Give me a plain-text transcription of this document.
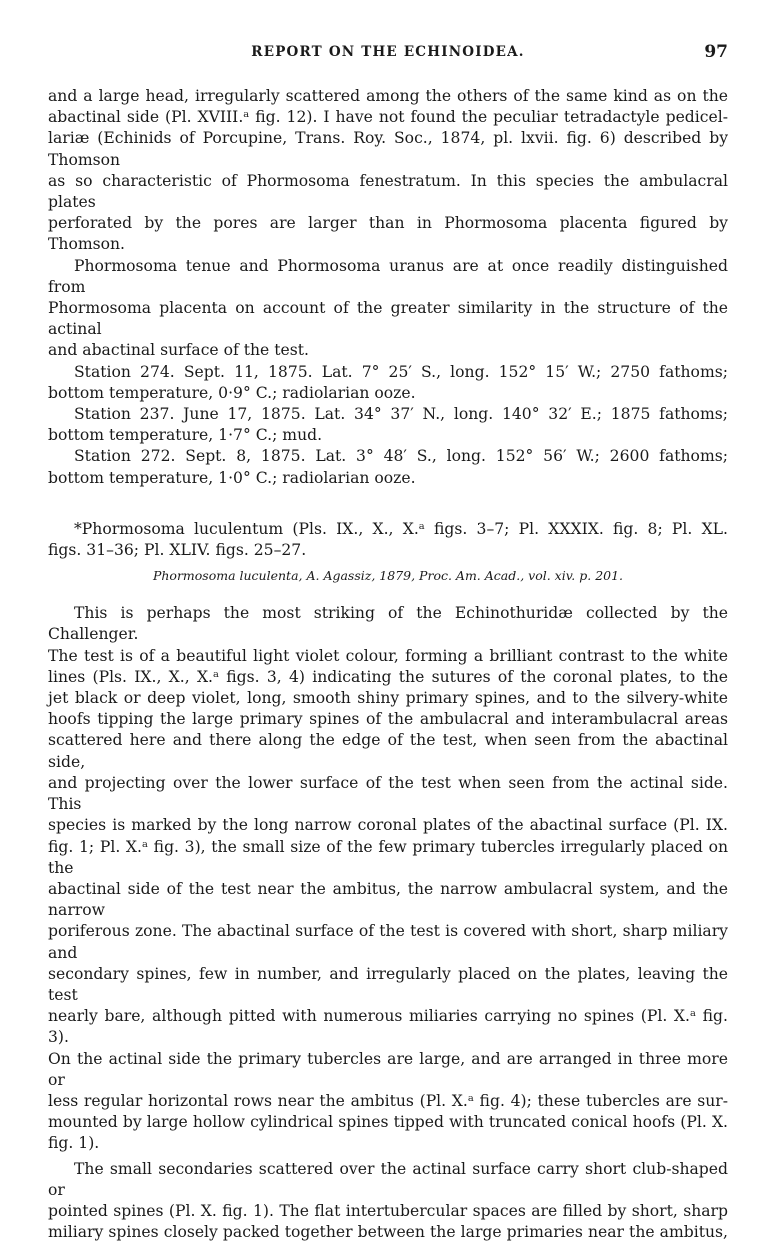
REPORT ON THE ECHINOIDEA.	97

and a large head, irregularly scattered among the others of the same kind as on the
abactinal side (Pl. XVIII.ᵃ fig. 12). I have not found the peculiar tetradactyle pedicel-
lariæ (Echinids of Porcupine, Trans. Roy. Soc., 1874, pl. lxvii. fig. 6) described by Thomson
as so characteristic of Phormosoma fenestratum. In this species the ambulacral plates
perforated by the pores are larger than in Phormosoma placenta figured by Thomson.

Phormosoma tenue and Phormosoma uranus are at once readily distinguished from
Phormosoma placenta on account of the greater similarity in the structure of the actinal
and abactinal surface of the test.

Station 274. Sept. 11, 1875. Lat. 7° 25′ S., long. 152° 15′ W.; 2750 fathoms;
bottom temperature, 0·9° C.; radiolarian ooze.

Station 237. June 17, 1875. Lat. 34° 37′ N., long. 140° 32′ E.; 1875 fathoms;
bottom temperature, 1·7° C.; mud.

Station 272. Sept. 8, 1875. Lat. 3° 48′ S., long. 152° 56′ W.; 2600 fathoms;
bottom temperature, 1·0° C.; radiolarian ooze.

*Phormosoma luculentum (Pls. IX., X., X.ᵃ figs. 3–7; Pl. XXXIX. fig. 8; Pl. XL.
figs. 31–36; Pl. XLIV. figs. 25–27.

Phormosoma luculenta, A. Agassiz, 1879, Proc. Am. Acad., vol. xiv. p. 201.

This is perhaps the most striking of the Echinothuridæ collected by the Challenger.
The test is of a beautiful light violet colour, forming a brilliant contrast to the white
lines (Pls. IX., X., X.ᵃ figs. 3, 4) indicating the sutures of the coronal plates, to the
jet black or deep violet, long, smooth shiny primary spines, and to the silvery-white
hoofs tipping the large primary spines of the ambulacral and interambulacral areas
scattered here and there along the edge of the test, when seen from the abactinal side,
and projecting over the lower surface of the test when seen from the actinal side. This
species is marked by the long narrow coronal plates of the abactinal surface (Pl. IX.
fig. 1; Pl. X.ᵃ fig. 3), the small size of the few primary tubercles irregularly placed on the
abactinal side of the test near the ambitus, the narrow ambulacral system, and the narrow
poriferous zone. The abactinal surface of the test is covered with short, sharp miliary and
secondary spines, few in number, and irregularly placed on the plates, leaving the test
nearly bare, although pitted with numerous miliaries carrying no spines (Pl. X.ᵃ fig. 3).
On the actinal side the primary tubercles are large, and are arranged in three more or
less regular horizontal rows near the ambitus (Pl. X.ᵃ fig. 4); these tubercles are sur-
mounted by large hollow cylindrical spines tipped with truncated conical hoofs (Pl. X.
fig. 1).

The small secondaries scattered over the actinal surface carry short club-shaped or
pointed spines (Pl. X. fig. 1). The flat intertubercular spaces are filled by short, sharp
miliary spines closely packed together between the large primaries near the ambitus,
